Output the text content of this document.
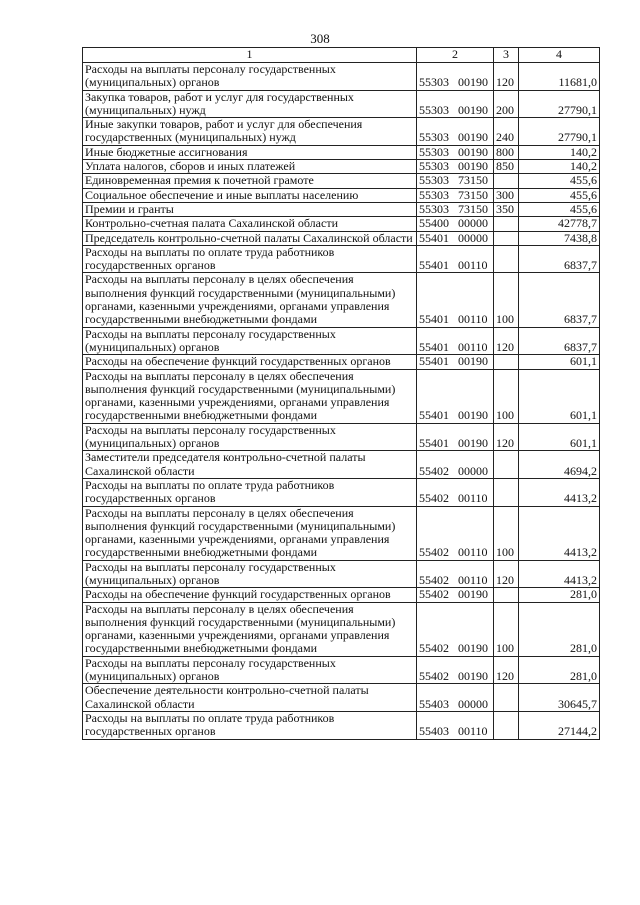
308
1	2	3	4
Расходы на выплаты персоналу государственных (муниципальных) органов	55303 00190	120	11681,0
Закупка товаров, работ и услуг для государственных (муниципальных) нужд	55303 00190	200	27790,1
Иные закупки товаров, работ и услуг для обеспечения государственных (муниципальных) нужд	55303 00190	240	27790,1
Иные бюджетные ассигнования	55303 00190	800	140,2
Уплата налогов, сборов и иных платежей	55303 00190	850	140,2
Единовременная премия к почетной грамоте	55303 73150		455,6
Социальное обеспечение и иные выплаты населению	55303 73150	300	455,6
Премии и гранты	55303 73150	350	455,6
Контрольно-счетная палата Сахалинской области	55400 00000		42778,7
Председатель контрольно-счетной палаты Сахалинской области	55401 00000		7438,8
Расходы на выплаты по оплате труда работников государственных органов	55401 00110		6837,7
Расходы на выплаты персоналу в целях обеспечения выполнения функций государственными (муниципальными) органами, казенными учреждениями, органами управления государственными внебюджетными фондами	55401 00110	100	6837,7
Расходы на выплаты персоналу государственных (муниципальных) органов	55401 00110	120	6837,7
Расходы на обеспечение функций государственных органов	55401 00190		601,1
Расходы на выплаты персоналу в целях обеспечения выполнения функций государственными (муниципальными) органами, казенными учреждениями, органами управления государственными внебюджетными фондами	55401 00190	100	601,1
Расходы на выплаты персоналу государственных (муниципальных) органов	55401 00190	120	601,1
Заместители председателя контрольно-счетной палаты Сахалинской области	55402 00000		4694,2
Расходы на выплаты по оплате труда работников государственных органов	55402 00110		4413,2
Расходы на выплаты персоналу в целях обеспечения выполнения функций государственными (муниципальными) органами, казенными учреждениями, органами управления государственными внебюджетными фондами	55402 00110	100	4413,2
Расходы на выплаты персоналу государственных (муниципальных) органов	55402 00110	120	4413,2
Расходы на обеспечение функций государственных органов	55402 00190		281,0
Расходы на выплаты персоналу в целях обеспечения выполнения функций государственными (муниципальными) органами, казенными учреждениями, органами управления государственными внебюджетными фондами	55402 00190	100	281,0
Расходы на выплаты персоналу государственных (муниципальных) органов	55402 00190	120	281,0
Обеспечение деятельности контрольно-счетной палаты Сахалинской области	55403 00000		30645,7
Расходы на выплаты по оплате труда работников государственных органов	55403 00110		27144,2
